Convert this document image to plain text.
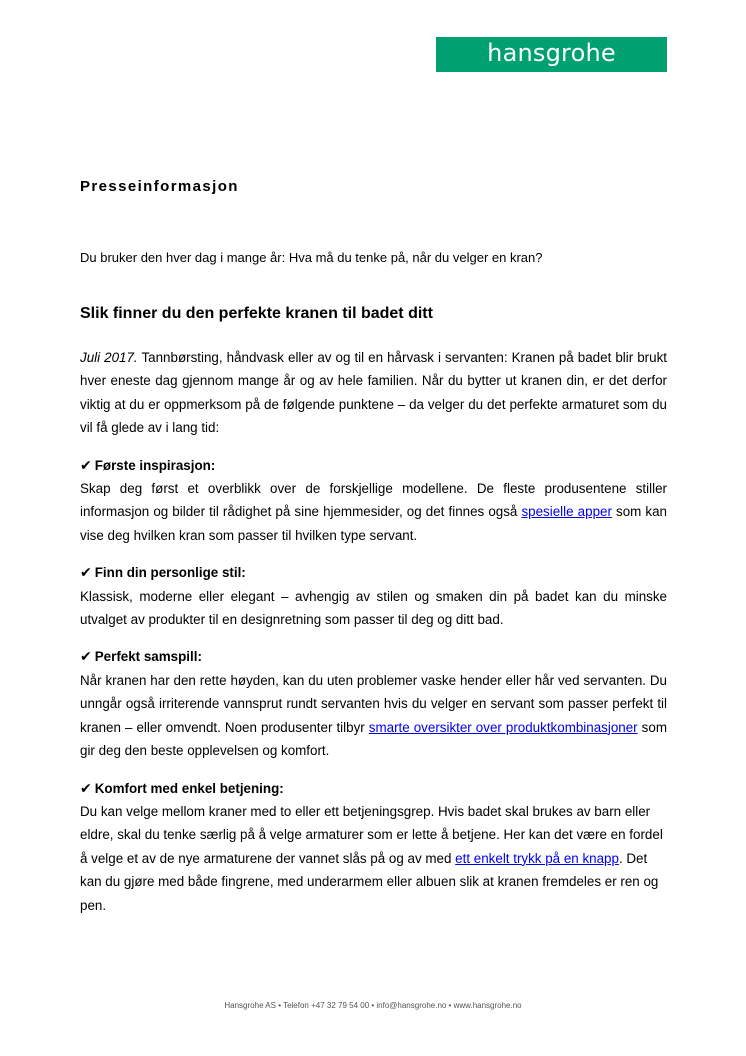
hansgrohe
Presseinformasjon
Du bruker den hver dag i mange år: Hva må du tenke på, når du velger en kran?
Slik finner du den perfekte kranen til badet ditt

Juli 2017. Tannbørsting, håndvask eller av og til en hårvask i servanten: Kranen på badet blir brukt hver eneste dag gjennom mange år og av hele familien. Når du bytter ut kranen din, er det derfor viktig at du er oppmerksom på de følgende punktene – da velger du det perfekte armaturet som du vil få glede av i lang tid:

✔ Første inspirasjon:

Skap deg først et overblikk over de forskjellige modellene. De fleste produsentene stiller informasjon og bilder til rådighet på sine hjemmesider, og det finnes også spesielle apper som kan vise deg hvilken kran som passer til hvilken type servant.

✔ Finn din personlige stil:

Klassisk, moderne eller elegant – avhengig av stilen og smaken din på badet kan du minske utvalget av produkter til en designretning som passer til deg og ditt bad.

✔ Perfekt samspill:

Når kranen har den rette høyden, kan du uten problemer vaske hender eller hår ved servanten. Du unngår også irriterende vannsprut rundt servanten hvis du velger en servant som passer perfekt til kranen – eller omvendt. Noen produsenter tilbyr smarte oversikter over produktkombinasjoner som gir deg den beste opplevelsen og komfort.

✔ Komfort med enkel betjening:

Du kan velge mellom kraner med to eller ett betjeningsgrep. Hvis badet skal brukes av barn eller eldre, skal du tenke særlig på å velge armaturer som er lette å betjene. Her kan det være en fordel å velge et av de nye armaturene der vannet slås på og av med ett enkelt trykk på en knapp. Det kan du gjøre med både fingrene, med underarmem eller albuen slik at kranen fremdeles er ren og pen.

Hansgrohe AS • Telefon +47 32 79 54 00 • info@hansgrohe.no • www.hansgrohe.no
